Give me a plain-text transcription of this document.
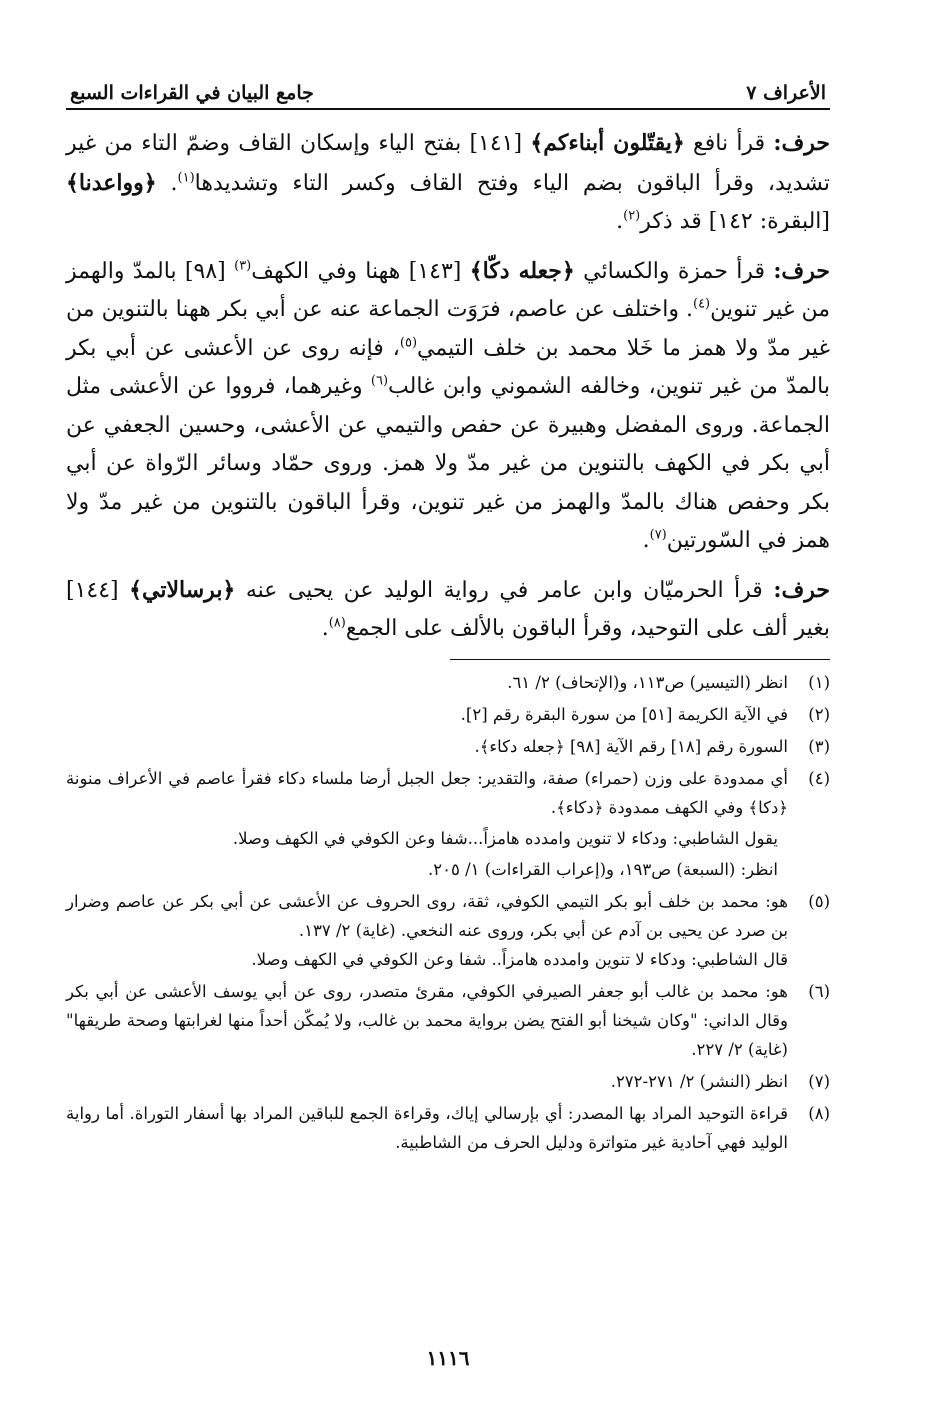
الأعراف ٧
جامع البيان في القراءات السبع

حرف: قرأ نافع ﴿يقتّلون أبناءكم﴾ [١٤١] بفتح الياء وإسكان القاف وضمّ التاء من غير تشديد، وقرأ الباقون بضم الياء وفتح القاف وكسر التاء وتشديدها$^{(١)}$. ﴿وواعدنا﴾ [البقرة: ١٤٢] قد ذكر$^{(٢)}$.

حرف: قرأ حمزة والكسائي ﴿جعله دكّا﴾ [١٤٣] ههنا وفي الكهف$^{(٣)}$ [٩٨] بالمدّ والهمز من غير تنوين$^{(٤)}$. واختلف عن عاصم، فرَوَت الجماعة عنه عن أبي بكر ههنا بالتنوين من غير مدّ ولا همز ما خَلا محمد بن خلف التيمي$^{(٥)}$، فإنه روى عن الأعشى عن أبي بكر بالمدّ من غير تنوين، وخالفه الشموني وابن غالب$^{(٦)}$ وغيرهما، فرووا عن الأعشى مثل الجماعة. وروى المفضل وهبيرة عن حفص والتيمي عن الأعشى، وحسين الجعفي عن أبي بكر في الكهف بالتنوين من غير مدّ ولا همز. وروى حمّاد وسائر الرّواة عن أبي بكر وحفص هناك بالمدّ والهمز من غير تنوين، وقرأ الباقون بالتنوين من غير مدّ ولا همز في السّورتين$^{(٧)}$.

حرف: قرأ الحرميّان وابن عامر في رواية الوليد عن يحيى عنه ﴿برسالاتي﴾ [١٤٤] بغير ألف على التوحيد، وقرأ الباقون بالألف على الجمع$^{(٨)}$.

(١)

انظر (التيسير) ص١١٣، و(الإتحاف) ٢/ ٦١.

(٢)

في الآية الكريمة [٥١] من سورة البقرة رقم [٢].

(٣)

السورة رقم [١٨] رقم الآية [٩٨] ﴿جعله دكاء﴾.

(٤)

أي ممدودة على وزن (حمراء) صفة، والتقدير: جعل الجبل أرضا ملساء دكاء فقرأ عاصم في الأعراف منونة ﴿دكا﴾ وفي الكهف ممدودة ﴿دكاء﴾.

يقول الشاطبي: ودكاء لا تنوين وامدده هامزاً...شفا وعن الكوفي في الكهف وصلا.

انظر: (السبعة) ص١٩٣، و(إعراب القراءات) ١/ ٢٠٥.

(٥)

هو: محمد بن خلف أبو بكر التيمي الكوفي، ثقة، روى الحروف عن الأعشى عن أبي بكر عن عاصم وضرار بن صرد عن يحيى بن آدم عن أبي بكر، وروى عنه النخعي. (غاية) ٢/ ١٣٧.

قال الشاطبي: ودكاء لا تنوين وامدده هامزاً.. شفا وعن الكوفي في الكهف وصلا.

(٦)

هو: محمد بن غالب أبو جعفر الصيرفي الكوفي، مقرئ متصدر، روى عن أبي يوسف الأعشى عن أبي بكر وقال الداني: "وكان شيخنا أبو الفتح يضن برواية محمد بن غالب، ولا يُمكّن أحداً منها لغرابتها وصحة طريقها" (غاية) ٢/ ٢٢٧.

(٧)

انظر (النشر) ٢/ ٢٧١-٢٧٢.

(٨)

قراءة التوحيد المراد بها المصدر: أي بإرسالي إياك، وقراءة الجمع للباقين المراد بها أسفار التوراة. أما رواية الوليد فهي آحادية غير متواترة ودليل الحرف من الشاطبية.

١١١٦
